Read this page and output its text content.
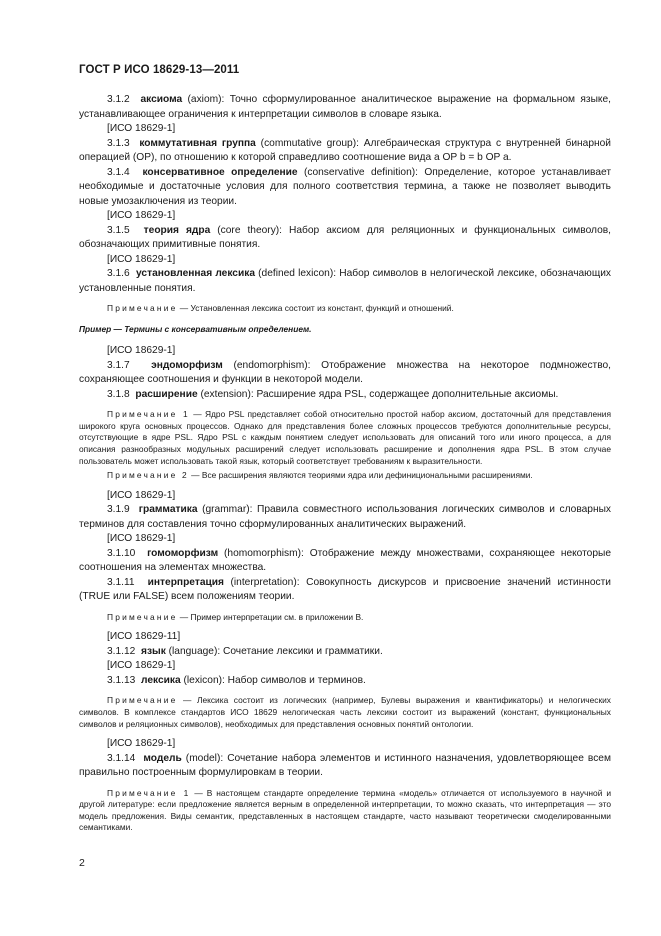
ГОСТ Р ИСО 18629-13—2011

3.1.2 аксиома (axiom): Точно сформулированное аналитическое выражение на формальном языке, устанавливающее ограничения к интерпретации символов в словаре языка.

[ИСО 18629-1]

3.1.3 коммутативная группа (commutative group): Алгебраическая структура с внутренней бинарной операцией (OP), по отношению к которой справедливо соотношение вида a OP b = b OP a.

3.1.4 консервативное определение (conservative definition): Определение, которое устанавливает необходимые и достаточные условия для полного соответствия термина, а также не позволяет выводить новые умозаключения из теории.

[ИСО 18629-1]

3.1.5 теория ядра (core theory): Набор аксиом для реляционных и функциональных символов, обозначающих примитивные понятия.

[ИСО 18629-1]

3.1.6 установленная лексика (defined lexicon): Набор символов в нелогической лексике, обозначающих установленные понятия.

Примечание — Установленная лексика состоит из констант, функций и отношений.

Пример — Термины с консервативным определением.

[ИСО 18629-1]

3.1.7 эндоморфизм (endomorphism): Отображение множества на некоторое подмножество, сохраняющее соотношения и функции в некоторой модели.

3.1.8 расширение (extension): Расширение ядра PSL, содержащее дополнительные аксиомы.

Примечание 1 — Ядро PSL представляет собой относительно простой набор аксиом, достаточный для представления широкого круга основных процессов. Однако для представления более сложных процессов требуются дополнительные ресурсы, отсутствующие в ядре PSL. Ядро PSL с каждым понятием следует использовать для описаний того или иного процесса, а для описания разнообразных модульных расширений следует использовать расширение и дополнения ядра PSL. В этом случае пользователь может использовать такой язык, который соответствует требованиям к выразительности.

Примечание 2 — Все расширения являются теориями ядра или дефинициональными расширениями.

[ИСО 18629-1]

3.1.9 грамматика (grammar): Правила совместного использования логических символов и словарных терминов для составления точно сформулированных аналитических выражений.

[ИСО 18629-1]

3.1.10 гомоморфизм (homomorphism): Отображение между множествами, сохраняющее некоторые соотношения на элементах множества.

3.1.11 интерпретация (interpretation): Совокупность дискурсов и присвоение значений истинности (TRUE или FALSE) всем положениям теории.

Примечание — Пример интерпретации см. в приложении В.

[ИСО 18629-11]

3.1.12 язык (language): Сочетание лексики и грамматики.

[ИСО 18629-1]

3.1.13 лексика (lexicon): Набор символов и терминов.

Примечание — Лексика состоит из логических (например, Булевы выражения и квантификаторы) и нелогических символов. В комплексе стандартов ИСО 18629 нелогическая часть лексики состоит из выражений (констант, функциональных символов и реляционных символов), необходимых для представления основных понятий онтологии.

[ИСО 18629-1]

3.1.14 модель (model): Сочетание набора элементов и истинного назначения, удовлетворяющее всем правильно построенным формулировкам в теории.

Примечание 1 — В настоящем стандарте определение термина «модель» отличается от используемого в научной и другой литературе: если предложение является верным в определенной интерпретации, то можно сказать, что интерпретация — это модель предложения. Виды семантик, представленных в настоящем стандарте, часто называют теоретически смоделированными семантиками.

2
